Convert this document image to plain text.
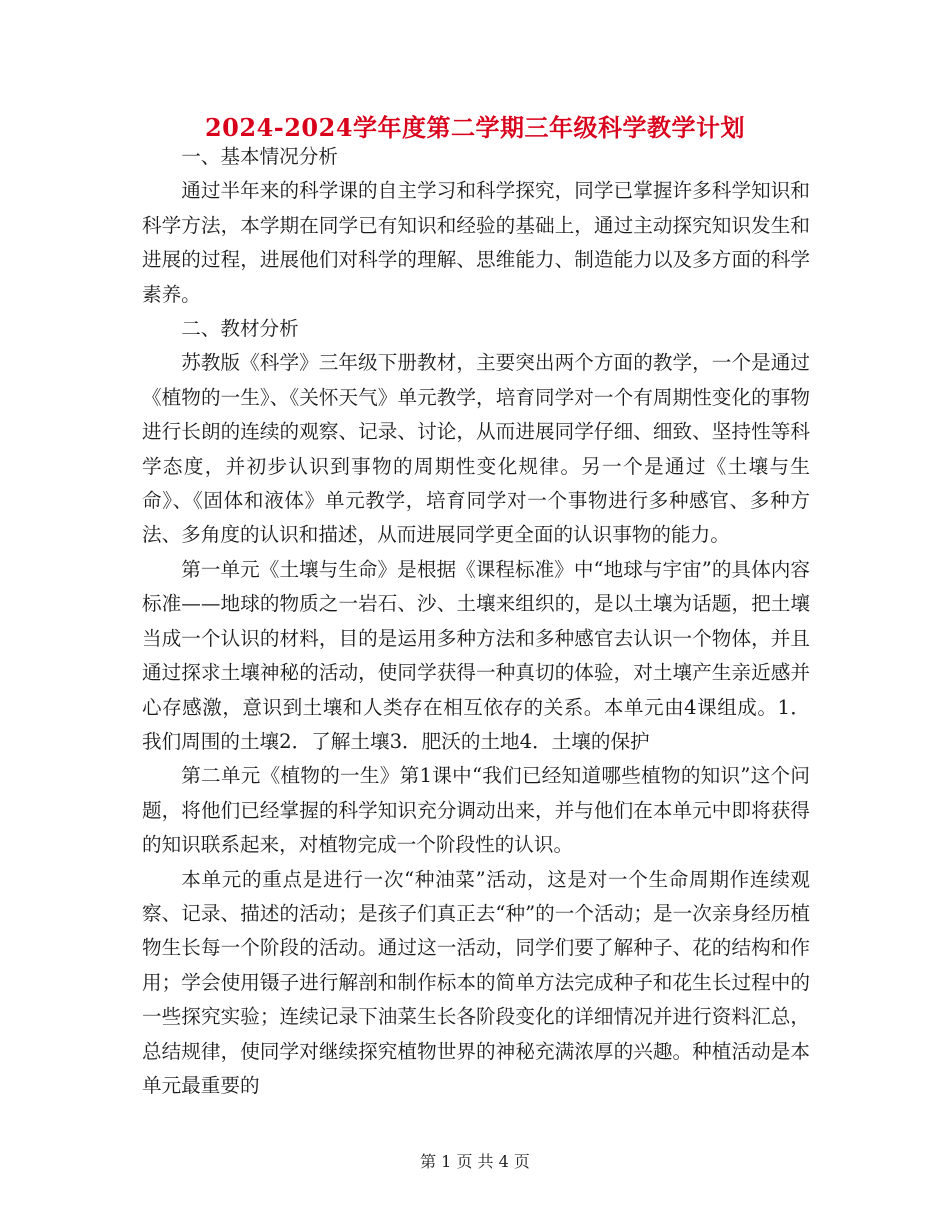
2024-2024学年度第二学期三年级科学教学计划

一、基本情况分析

通过半年来的科学课的自主学习和科学探究，同学已掌握许多科学知识和科学方法，本学期在同学已有知识和经验的基础上，通过主动探究知识发生和进展的过程，进展他们对科学的理解、思维能力、制造能力以及多方面的科学素养。

二、教材分析

苏教版《科学》三年级下册教材，主要突出两个方面的教学，一个是通过《植物的一生》、《关怀天气》单元教学，培育同学对一个有周期性变化的事物进行长朗的连续的观察、记录、讨论，从而进展同学仔细、细致、坚持性等科学态度，并初步认识到事物的周期性变化规律。另一个是通过《土壤与生命》、《固体和液体》单元教学，培育同学对一个事物进行多种感官、多种方法、多角度的认识和描述，从而进展同学更全面的认识事物的能力。

第一单元《土壤与生命》是根据《课程标准》中“地球与宇宙”的具体内容标准——地球的物质之一岩石、沙、土壤来组织的，是以土壤为话题，把土壤当成一个认识的材料，目的是运用多种方法和多种感官去认识一个物体，并且通过探求土壤神秘的活动，使同学获得一种真切的体验，对土壤产生亲近感并心存感激，意识到土壤和人类存在相互依存的关系。本单元由4课组成。1．我们周围的土壤2．了解土壤3．肥沃的土地4．土壤的保护

第二单元《植物的一生》第1课中“我们已经知道哪些植物的知识”这个问题，将他们已经掌握的科学知识充分调动出来，并与他们在本单元中即将获得的知识联系起来，对植物完成一个阶段性的认识。

本单元的重点是进行一次“种油菜”活动，这是对一个生命周期作连续观察、记录、描述的活动；是孩子们真正去“种”的一个活动；是一次亲身经历植物生长每一个阶段的活动。通过这一活动，同学们要了解种子、花的结构和作用；学会使用镊子进行解剖和制作标本的简单方法完成种子和花生长过程中的一些探究实验；连续记录下油菜生长各阶段变化的详细情况并进行资料汇总，总结规律，使同学对继续探究植物世界的神秘充满浓厚的兴趣。种植活动是本单元最重要的

第 1 页 共 4 页
